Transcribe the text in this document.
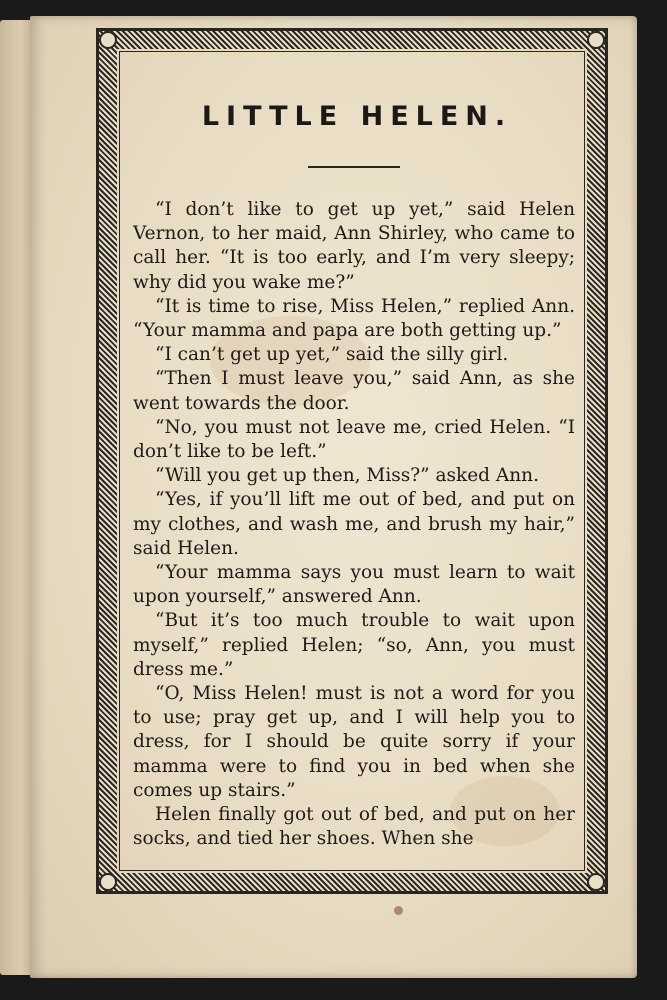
LITTLE HELEN.

“I don’t like to get up yet,” said Helen Vernon, to her maid, Ann Shirley, who came to call her. “It is too early, and I’m very sleepy; why did you wake me?”

“It is time to rise, Miss Helen,” replied Ann. “Your mamma and papa are both getting up.”

“I can’t get up yet,” said the silly girl.

“Then I must leave you,” said Ann, as she went towards the door.

“No, you must not leave me, cried Helen. “I don’t like to be left.”

“Will you get up then, Miss?” asked Ann.

“Yes, if you’ll lift me out of bed, and put on my clothes, and wash me, and brush my hair,” said Helen.

“Your mamma says you must learn to wait upon yourself,” answered Ann.

“But it’s too much trouble to wait upon myself,” replied Helen; “so, Ann, you must dress me.”

“O, Miss Helen! must is not a word for you to use; pray get up, and I will help you to dress, for I should be quite sorry if your mamma were to find you in bed when she comes up stairs.”

Helen finally got out of bed, and put on her socks, and tied her shoes. When she
